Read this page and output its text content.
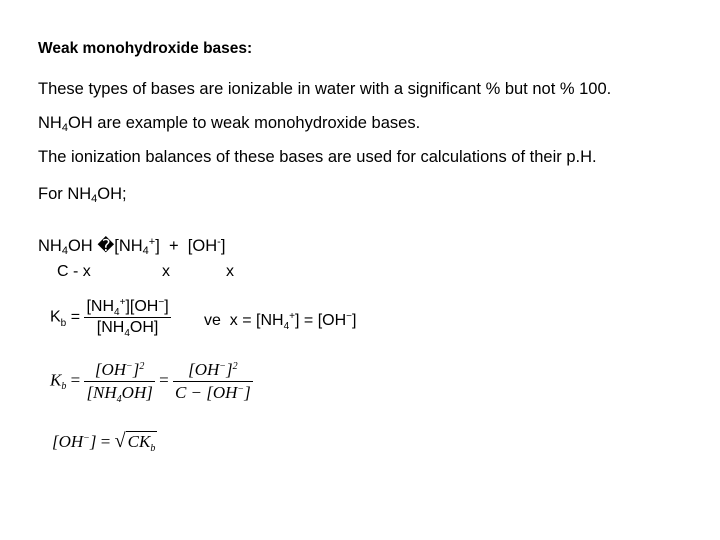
Weak monohydroxide bases:
These types of bases are ionizable in water with a significant % but not % 100.
$NH_4OH$ are example to weak monohydroxide bases.
The ionization balances of these bases are used for calculations of their p.H.
For $NH_4OH$;
$NH_4OH$ $�[NH_4^+] + [OH^-]$
C - x	x	x
$K_b = \frac{[NH_4^+][OH^-]}{[NH_4OH]}$ ve $x = [NH_4^+] = [OH^-]$
$K_b = \frac{[OH^-]^2}{[NH_4OH]} = \frac{[OH^-]^2}{C - [OH^-]}$
[OH−] = √ $CK_b$
